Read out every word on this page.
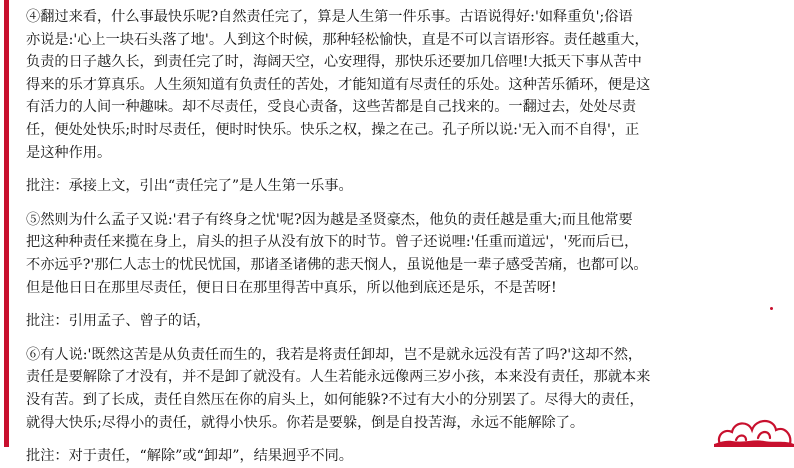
④翻过来看，什么事最快乐呢?自然责任完了，算是人生第一件乐事。古语说得好:'如释重负';俗语

亦说是:'心上一块石头落了地'。人到这个时候，那种轻松愉快，直是不可以言语形容。责任越重大，

负责的日子越久长，到责任完了时，海阔天空，心安理得，那快乐还要加几倍哩!大抵天下事从苦中

得来的乐才算真乐。人生须知道有负责任的苦处，才能知道有尽责任的乐处。这种苦乐循环，便是这

有活力的人间一种趣味。却不尽责任，受良心责备，这些苦都是自己找来的。一翻过去，处处尽责

任，便处处快乐;时时尽责任，便时时快乐。快乐之权，操之在己。孔子所以说:'无入而不自得'，正

是这种作用。

批注：承接上文，引出“责任完了”是人生第一乐事。

⑤然则为什么孟子又说:'君子有终身之忧'呢?因为越是圣贤豪杰，他负的责任越是重大;而且他常要

把这种种责任来揽在身上，肩头的担子从没有放下的时节。曾子还说哩:'任重而道远'，'死而后已，

不亦远乎?'那仁人志士的忧民忧国，那诸圣诸佛的悲天悯人，虽说他是一辈子感受苦痛，也都可以。

但是他日日在那里尽责任，便日日在那里得苦中真乐，所以他到底还是乐，不是苦呀!

批注：引用孟子、曾子的话，

⑥有人说:'既然这苦是从负责任而生的，我若是将责任卸却，岂不是就永远没有苦了吗?'这却不然，

责任是要解除了才没有，并不是卸了就没有。人生若能永远像两三岁小孩，本来没有责任，那就本来

没有苦。到了长成，责任自然压在你的肩头上，如何能躲?不过有大小的分别罢了。尽得大的责任，

就得大快乐;尽得小的责任，就得小快乐。你若是要躲，倒是自投苦海，永远不能解除了。

批注：对于责任，“解除”或“卸却”，结果迥乎不同。
